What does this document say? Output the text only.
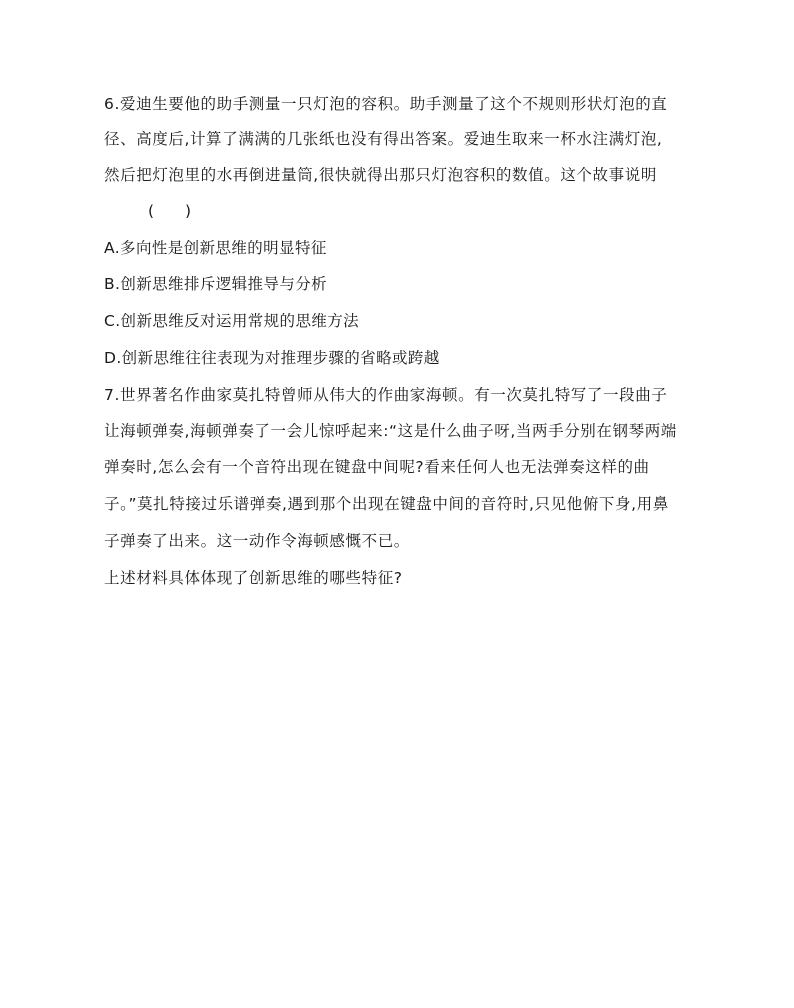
6.爱迪生要他的助手测量一只灯泡的容积。助手测量了这个不规则形状灯泡的直
径、高度后,计算了满满的几张纸也没有得出答案。爱迪生取来一杯水注满灯泡,
然后把灯泡里的水再倒进量筒,很快就得出那只灯泡容积的数值。这个故事说明
(　　)
A.多向性是创新思维的明显特征
B.创新思维排斥逻辑推导与分析
C.创新思维反对运用常规的思维方法
D.创新思维往往表现为对推理步骤的省略或跨越
7.世界著名作曲家莫扎特曾师从伟大的作曲家海顿。有一次莫扎特写了一段曲子
让海顿弹奏,海顿弹奏了一会儿惊呼起来:“这是什么曲子呀,当两手分别在钢琴两端
弹奏时,怎么会有一个音符出现在键盘中间呢?看来任何人也无法弹奏这样的曲
子。”莫扎特接过乐谱弹奏,遇到那个出现在键盘中间的音符时,只见他俯下身,用鼻
子弹奏了出来。这一动作令海顿感慨不已。
上述材料具体体现了创新思维的哪些特征?
